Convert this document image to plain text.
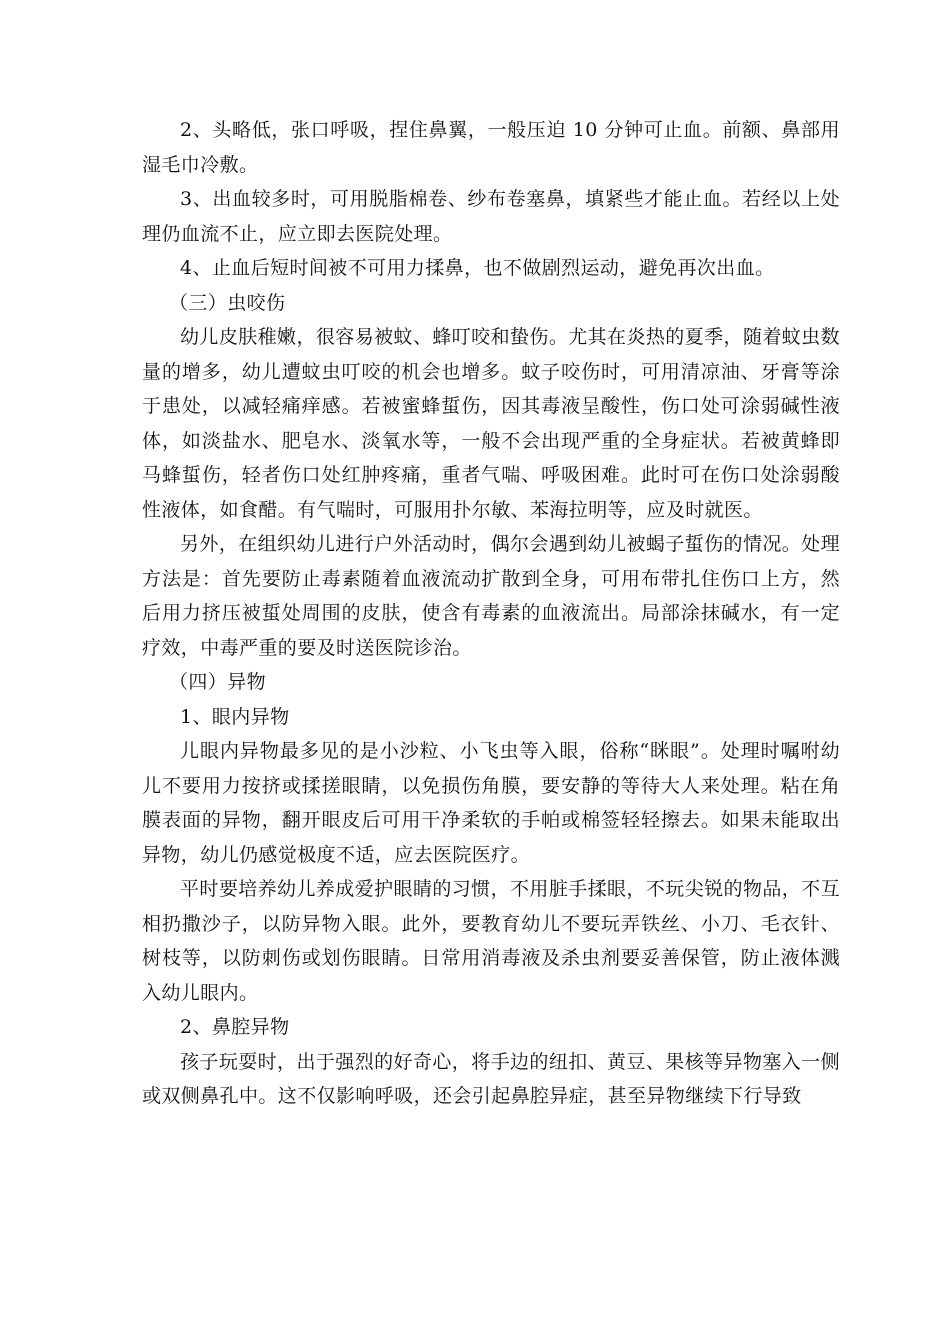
2、头略低，张口呼吸，捏住鼻翼，一般压迫 10 分钟可止血。前额、鼻部用湿毛巾冷敷。

3、出血较多时，可用脱脂棉卷、纱布卷塞鼻，填紧些才能止血。若经以上处理仍血流不止，应立即去医院处理。

4、止血后短时间被不可用力揉鼻，也不做剧烈运动，避免再次出血。

（三）虫咬伤

幼儿皮肤稚嫩，很容易被蚊、蜂叮咬和蛰伤。尤其在炎热的夏季，随着蚊虫数量的增多，幼儿遭蚊虫叮咬的机会也增多。蚊子咬伤时，可用清凉油、牙膏等涂于患处，以减轻痛痒感。若被蜜蜂蜇伤，因其毒液呈酸性，伤口处可涂弱碱性液体，如淡盐水、肥皂水、淡氧水等，一般不会出现严重的全身症状。若被黄蜂即马蜂蜇伤，轻者伤口处红肿疼痛，重者气喘、呼吸困难。此时可在伤口处涂弱酸性液体，如食醋。有气喘时，可服用扑尔敏、苯海拉明等，应及时就医。

另外，在组织幼儿进行户外活动时，偶尔会遇到幼儿被蝎子蜇伤的情况。处理方法是：首先要防止毒素随着血液流动扩散到全身，可用布带扎住伤口上方，然后用力挤压被蜇处周围的皮肤，使含有毒素的血液流出。局部涂抹碱水，有一定疗效，中毒严重的要及时送医院诊治。

（四）异物

1、眼内异物

儿眼内异物最多见的是小沙粒、小飞虫等入眼，俗称“眯眼”。处理时嘱咐幼儿不要用力按挤或揉搓眼睛，以免损伤角膜，要安静的等待大人来处理。粘在角膜表面的异物，翻开眼皮后可用干净柔软的手帕或棉签轻轻擦去。如果未能取出异物，幼儿仍感觉极度不适，应去医院医疗。

平时要培养幼儿养成爱护眼睛的习惯，不用脏手揉眼，不玩尖锐的物品，不互相扔撒沙子，以防异物入眼。此外，要教育幼儿不要玩弄铁丝、小刀、毛衣针、树枝等，以防刺伤或划伤眼睛。日常用消毒液及杀虫剂要妥善保管，防止液体溅入幼儿眼内。

2、鼻腔异物

孩子玩耍时，出于强烈的好奇心，将手边的纽扣、黄豆、果核等异物塞入一侧或双侧鼻孔中。这不仅影响呼吸，还会引起鼻腔异症，甚至异物继续下行导致
